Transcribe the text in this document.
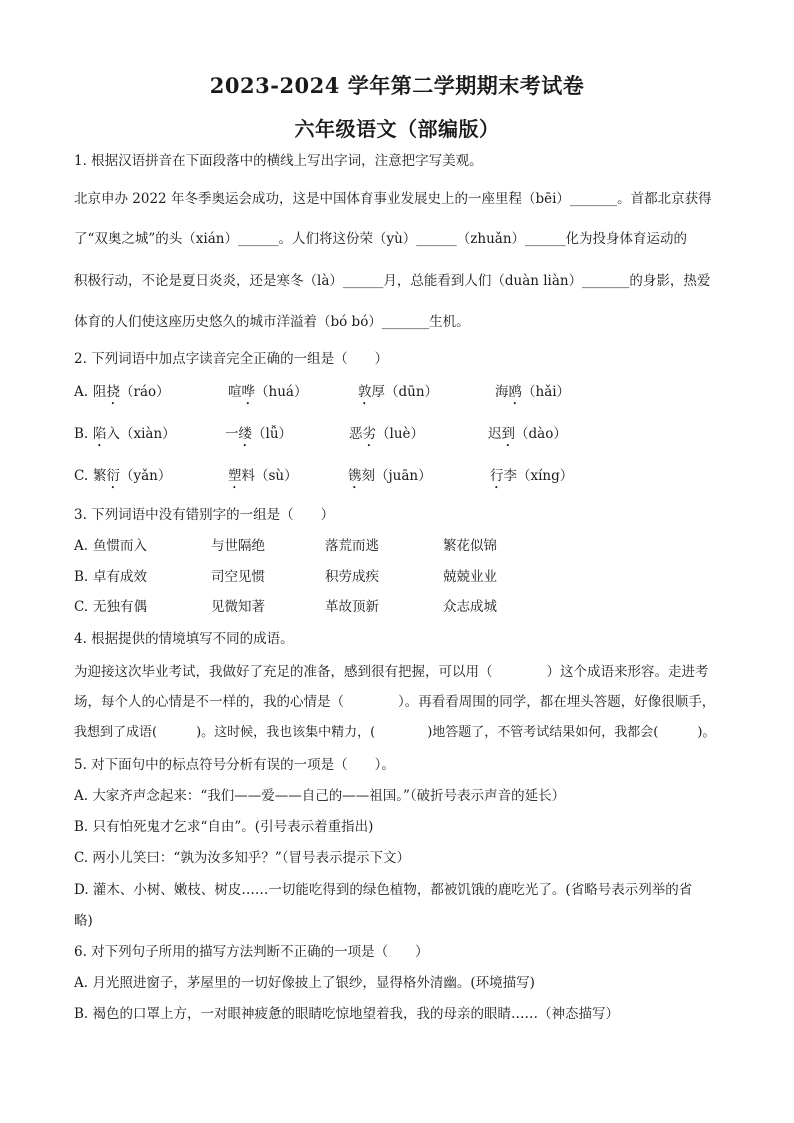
2023-2024 学年第二学期期末考试卷
六年级语文（部编版）
1. 根据汉语拼音在下面段落中的横线上写出字词，注意把字写美观。
北京申办 2022 年冬季奥运会成功，这是中国体育事业发展史上的一座里程（bēi）_______。首都北京获得
了“双奥之城”的头（xián）______。人们将这份荣（yù）______（zhuǎn）______化为投身体育运动的
积极行动，不论是夏日炎炎，还是寒冬（là）______月，总能看到人们（duàn liàn）_______的身影，热爱
体育的人们使这座历史悠久的城市洋溢着（bó bó）_______生机。
2. 下列词语中加点字读音完全正确的一组是（　　）
A. 阻挠（ráo）	喧哗（huá）	敦厚（dūn）	海鸥（hǎi）
B. 陷入（xiàn）	一缕（lǚ）	恶劣（luè）	迟到（dào）
C. 繁衍（yǎn）	塑料（sù）	镌刻（juān）	行李（xíng）
3. 下列词语中没有错别字的一组是（　　）
A. 鱼惯而入	与世隔绝	落荒而逃	繁花似锦
B. 卓有成效	司空见惯	积劳成疾	兢兢业业
C. 无独有偶	见微知著	革故顶新	众志成城
4. 根据提供的情境填写不同的成语。
为迎接这次毕业考试，我做好了充足的准备，感到很有把握，可以用（　　　　）这个成语来形容。走进考
场，每个人的心情是不一样的，我的心情是（　　　　）。再看看周围的同学，都在埋头答题，好像很顺手，
我想到了成语(　　　)。这时候，我也该集中精力，(　　　　)地答题了，不管考试结果如何，我都会(　　　)。
5. 对下面句中的标点符号分析有误的一项是（　　）。
A. 大家齐声念起来：“我们——爱——自己的——祖国。”（破折号表示声音的延长）
B. 只有怕死鬼才乞求“自由”。(引号表示着重指出)
C. 两小儿笑曰：“孰为汝多知乎？”（冒号表示提示下文）
D. 灌木、小树、嫩枝、树皮……一切能吃得到的绿色植物，都被饥饿的鹿吃光了。(省略号表示列举的省
略)
6. 对下列句子所用的描写方法判断不正确的一项是（　　）
A. 月光照进窗子，茅屋里的一切好像披上了银纱，显得格外清幽。(环境描写)
B. 褐色的口罩上方，一对眼神疲惫的眼睛吃惊地望着我，我的母亲的眼睛……（神态描写）
